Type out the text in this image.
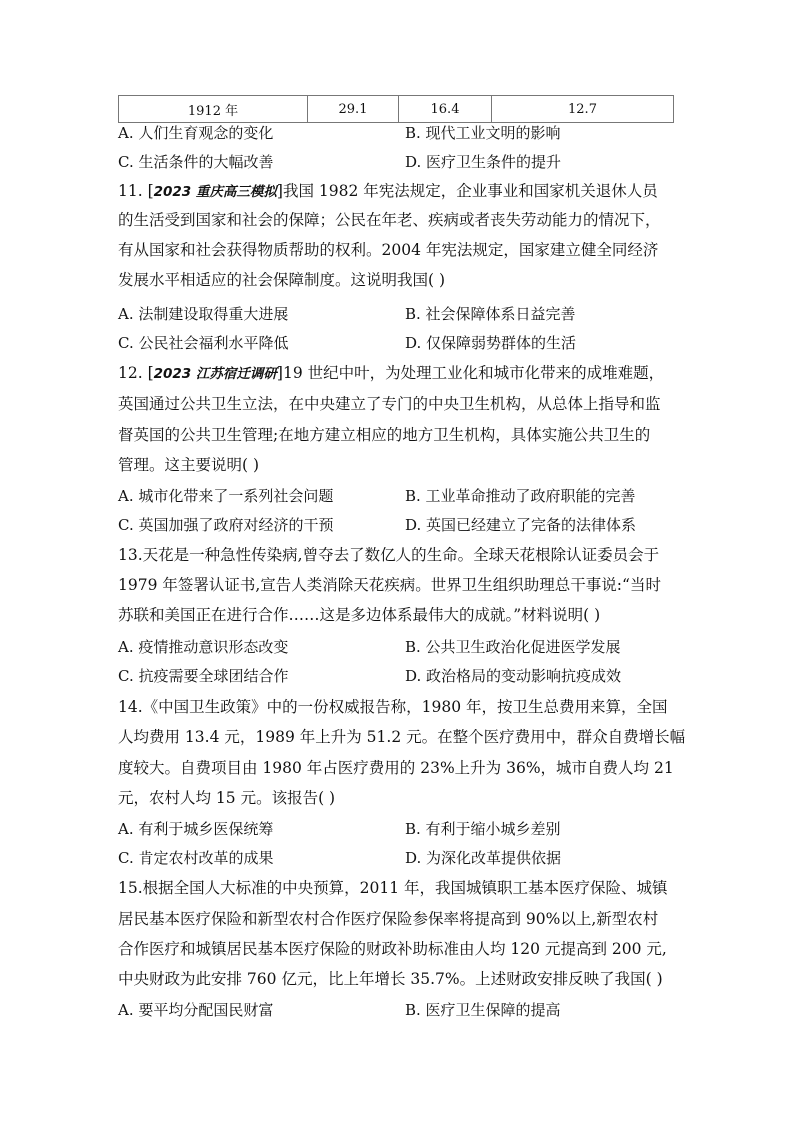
1912 年	29.1	16.4	12.7
A. 人们生育观念的变化	B. 现代工业文明的影响
C. 生活条件的大幅改善	D. 医疗卫生条件的提升
11. [2023 重庆高三模拟]我国 1982 年宪法规定，企业事业和国家机关退休人员
的生活受到国家和社会的保障；公民在年老、疾病或者丧失劳动能力的情况下，
有从国家和社会获得物质帮助的权利。2004 年宪法规定，国家建立健全同经济
发展水平相适应的社会保障制度。这说明我国( )
A. 法制建设取得重大进展	B. 社会保障体系日益完善
C. 公民社会福利水平降低	D. 仅保障弱势群体的生活
12. [2023 江苏宿迁调研]19 世纪中叶，为处理工业化和城市化带来的成堆难题，
英国通过公共卫生立法，在中央建立了专门的中央卫生机构，从总体上指导和监
督英国的公共卫生管理;在地方建立相应的地方卫生机构，具体实施公共卫生的
管理。这主要说明( )
A. 城市化带来了一系列社会问题	B. 工业革命推动了政府职能的完善
C. 英国加强了政府对经济的干预	D. 英国已经建立了完备的法律体系
13.天花是一种急性传染病,曾夺去了数亿人的生命。全球天花根除认证委员会于
1979 年签署认证书,宣告人类消除天花疾病。世界卫生组织助理总干事说:“当时
苏联和美国正在进行合作……这是多边体系最伟大的成就。”材料说明( )
A. 疫情推动意识形态改变	B. 公共卫生政治化促进医学发展
C. 抗疫需要全球团结合作	D. 政治格局的变动影响抗疫成效
14.《中国卫生政策》中的一份权威报告称，1980 年，按卫生总费用来算，全国
人均费用 13.4 元，1989 年上升为 51.2 元。在整个医疗费用中，群众自费增长幅
度较大。自费项目由 1980 年占医疗费用的 23%上升为 36%，城市自费人均 21
元，农村人均 15 元。该报告( )
A. 有利于城乡医保统筹	B. 有利于缩小城乡差别
C. 肯定农村改革的成果	D. 为深化改革提供依据
15.根据全国人大标准的中央预算，2011 年，我国城镇职工基本医疗保险、城镇
居民基本医疗保险和新型农村合作医疗保险参保率将提高到 90%以上,新型农村
合作医疗和城镇居民基本医疗保险的财政补助标准由人均 120 元提高到 200 元,
中央财政为此安排 760 亿元，比上年增长 35.7%。上述财政安排反映了我国( )
A. 要平均分配国民财富	B. 医疗卫生保障的提高
